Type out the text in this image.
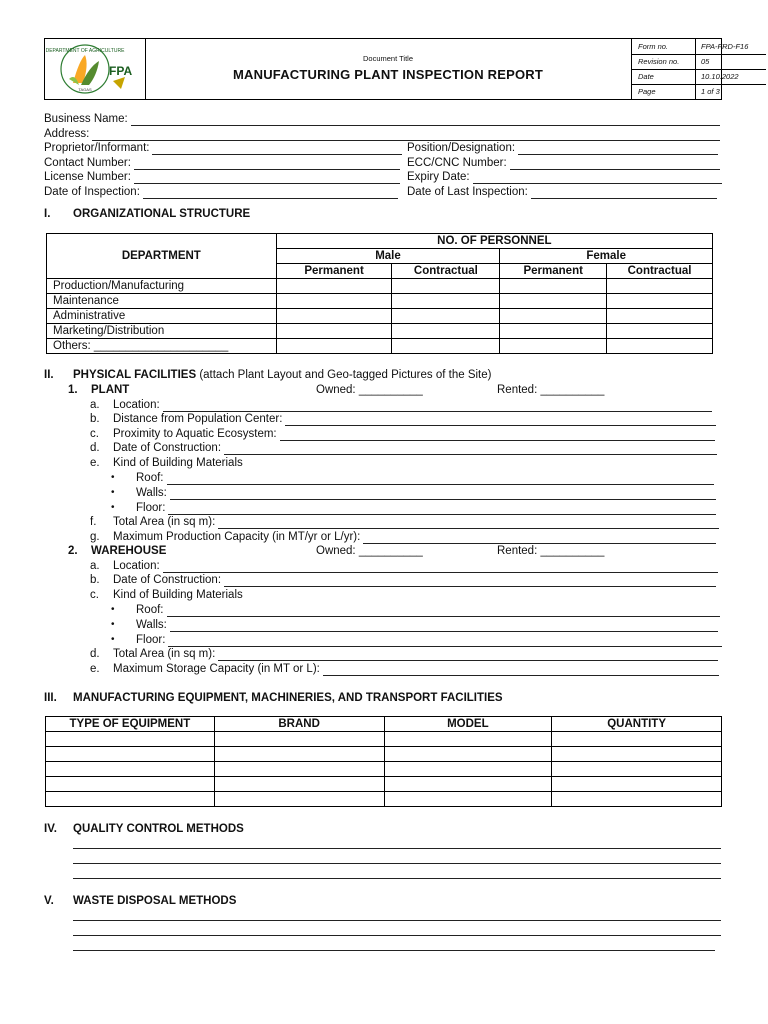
DEPARTMENT OF AGRICULTURE
FPA
TAGAS
Document Title
MANUFACTURING PLANT INSPECTION REPORT
Form no.	FPA-FRD-F16
Revision no.	05
Date	10.10.2022
Page	1 of 3
Business Name:
Address:
Proprietor/Informant:	Position/Designation:
Contact Number:	ECC/CNC Number:
License Number:	Expiry Date:
Date of Inspection:	Date of Last Inspection:
I. ORGANIZATIONAL STRUCTURE
DEPARTMENT	NO. OF PERSONNEL			
	Male		Female	
	Permanent	Contractual	Permanent	Contractual
Production/Manufacturing				
Maintenance				
Administrative				
Marketing/Distribution				
Others: _____________________				
II. PHYSICAL FACILITIES (attach Plant Layout and Geo-tagged Pictures of the Site)
1. PLANT	Owned: __________	Rented: __________
a. Location:
b. Distance from Population Center:
c. Proximity to Aquatic Ecosystem:
d. Date of Construction:
e. Kind of Building Materials
• Roof:
• Walls:
• Floor:
f. Total Area (in sq m):
g. Maximum Production Capacity (in MT/yr or L/yr):
2. WAREHOUSE	Owned: __________	Rented: __________
a. Location:
b. Date of Construction:
c. Kind of Building Materials
• Roof:
• Walls:
• Floor:
d. Total Area (in sq m):
e. Maximum Storage Capacity (in MT or L):
III. MANUFACTURING EQUIPMENT, MACHINERIES, AND TRANSPORT FACILITIES
TYPE OF EQUIPMENT	BRAND	MODEL	QUANTITY

IV. QUALITY CONTROL METHODS
V. WASTE DISPOSAL METHODS
